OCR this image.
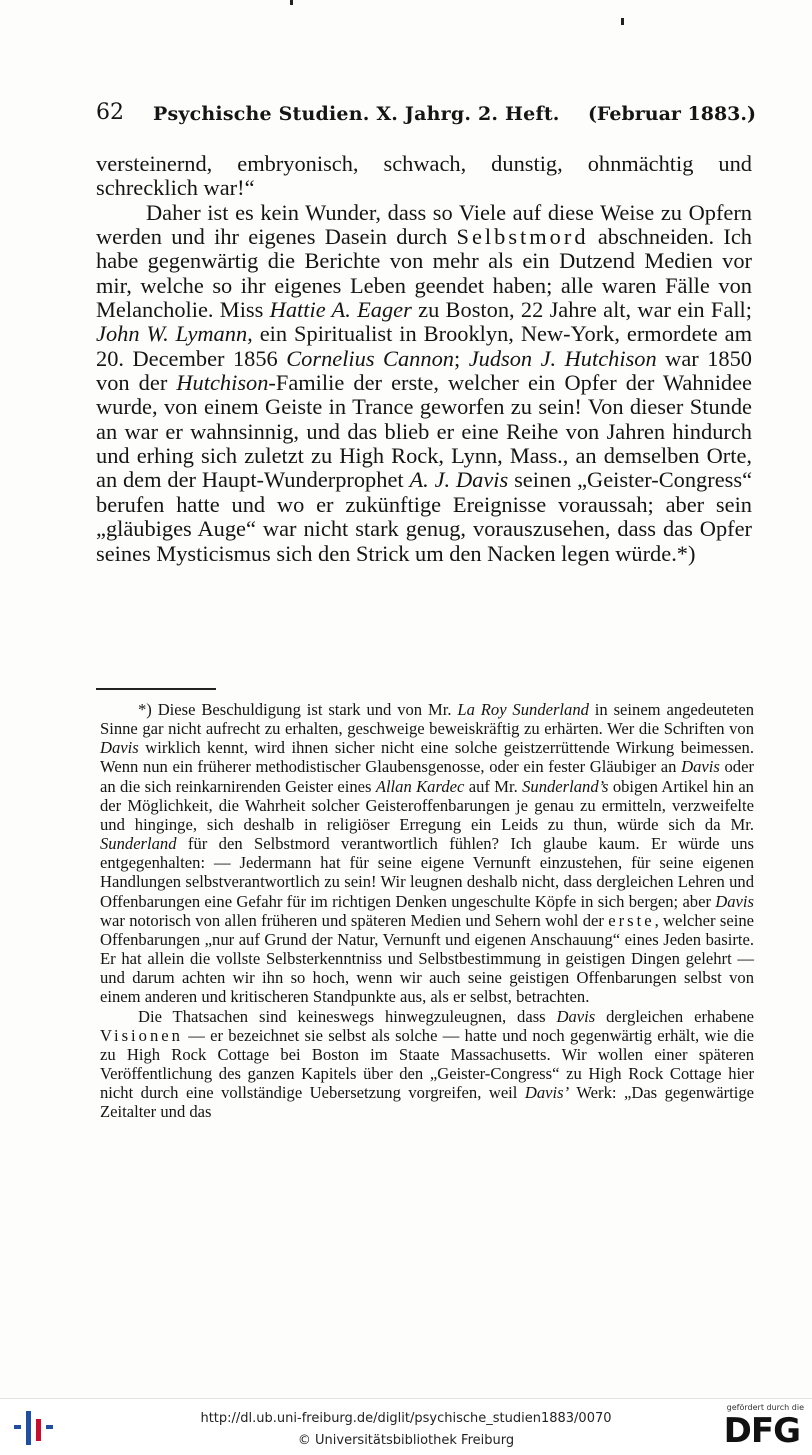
62 Psychische Studien. X. Jahrg. 2. Heft. (Februar 1883.)

versteinernd, embryonisch, schwach, dunstig, ohnmächtig und schrecklich war!“

Daher ist es kein Wunder, dass so Viele auf diese Weise zu Opfern werden und ihr eigenes Dasein durch Selbstmord abschneiden. Ich habe gegenwärtig die Berichte von mehr als ein Dutzend Medien vor mir, welche so ihr eigenes Leben geendet haben; alle waren Fälle von Melancholie. Miss Hattie A. Eager zu Boston, 22 Jahre alt, war ein Fall; John W. Lymann, ein Spiritualist in Brooklyn, New-York, ermordete am 20. December 1856 Cornelius Cannon; Judson J. Hutchison war 1850 von der Hutchison-Familie der erste, welcher ein Opfer der Wahnidee wurde, von einem Geiste in Trance geworfen zu sein! Von dieser Stunde an war er wahnsinnig, und das blieb er eine Reihe von Jahren hindurch und erhing sich zuletzt zu High Rock, Lynn, Mass., an demselben Orte, an dem der Haupt-Wunderprophet A. J. Davis seinen „Geister-Congress“ berufen hatte und wo er zukünftige Ereignisse voraussah; aber sein „gläubiges Auge“ war nicht stark genug, vorauszusehen, dass das Opfer seines Mysticismus sich den Strick um den Nacken legen würde.*)

*) Diese Beschuldigung ist stark und von Mr. La Roy Sunderland in seinem angedeuteten Sinne gar nicht aufrecht zu erhalten, geschweige beweiskräftig zu erhärten. Wer die Schriften von Davis wirklich kennt, wird ihnen sicher nicht eine solche geistzerrüttende Wirkung beimessen. Wenn nun ein früherer methodistischer Glaubensgenosse, oder ein fester Gläubiger an Davis oder an die sich reinkarnirenden Geister eines Allan Kardec auf Mr. Sunderland’s obigen Artikel hin an der Möglichkeit, die Wahrheit solcher Geisteroffenbarungen je genau zu ermitteln, verzweifelte und hinginge, sich deshalb in religiöser Erregung ein Leids zu thun, würde sich da Mr. Sunderland für den Selbstmord verantwortlich fühlen? Ich glaube kaum. Er würde uns entgegenhalten: — Jedermann hat für seine eigene Vernunft einzustehen, für seine eigenen Handlungen selbstverantwortlich zu sein! Wir leugnen deshalb nicht, dass dergleichen Lehren und Offenbarungen eine Gefahr für im richtigen Denken ungeschulte Köpfe in sich bergen; aber Davis war notorisch von allen früheren und späteren Medien und Sehern wohl der erste, welcher seine Offenbarungen „nur auf Grund der Natur, Vernunft und eigenen Anschauung“ eines Jeden basirte. Er hat allein die vollste Selbsterkenntniss und Selbstbestimmung in geistigen Dingen gelehrt — und darum achten wir ihn so hoch, wenn wir auch seine geistigen Offenbarungen selbst von einem anderen und kritischeren Standpunkte aus, als er selbst, betrachten.

Die Thatsachen sind keineswegs hinwegzuleugnen, dass Davis dergleichen erhabene Visionen — er bezeichnet sie selbst als solche — hatte und noch gegenwärtig erhält, wie die zu High Rock Cottage bei Boston im Staate Massachusetts. Wir wollen einer späteren Veröffentlichung des ganzen Kapitels über den „Geister-Congress“ zu High Rock Cottage hier nicht durch eine vollständige Uebersetzung vorgreifen, weil Davis’ Werk: „Das gegenwärtige Zeitalter und das

http://dl.ub.uni-freiburg.de/diglit/psychische_studien1883/0070
© Universitätsbibliothek Freiburg
gefördert durch die
DFG
